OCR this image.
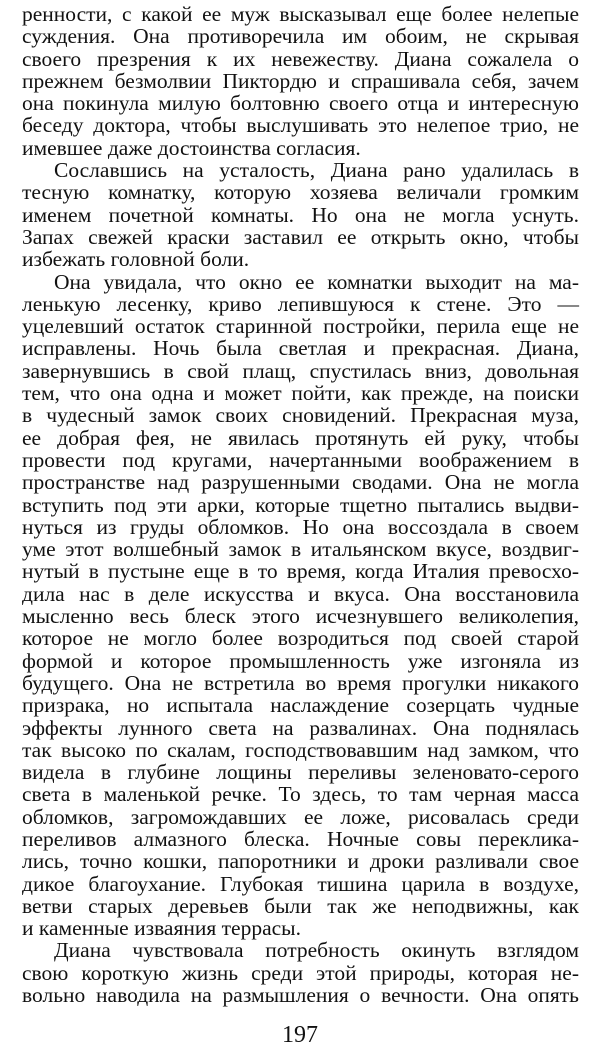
ренности, с какой ее муж высказывал еще более нелепые
суждения. Она противоречила им обоим, не скрывая
своего презрения к их невежеству. Диана сожалела о
прежнем безмолвии Пиктордю и спрашивала себя, зачем
она покинула милую болтовню своего отца и интересную
беседу доктора, чтобы выслушивать это нелепое трио, не
имевшее даже достоинства согласия.
Сославшись на усталость, Диана рано удалилась в
тесную комнатку, которую хозяева величали громким
именем почетной комнаты. Но она не могла уснуть.
Запах свежей краски заставил ее открыть окно, чтобы
избежать головной боли.
Она увидала, что окно ее комнатки выходит на ма-
ленькую лесенку, криво лепившуюся к стене. Это —
уцелевший остаток старинной постройки, перила еще не
исправлены. Ночь была светлая и прекрасная. Диана,
завернувшись в свой плащ, спустилась вниз, довольная
тем, что она одна и может пойти, как прежде, на поиски
в чудесный замок своих сновидений. Прекрасная муза,
ее добрая фея, не явилась протянуть ей руку, чтобы
провести под кругами, начертанными воображением в
пространстве над разрушенными сводами. Она не могла
вступить под эти арки, которые тщетно пытались выдви-
нуться из груды обломков. Но она воссоздала в своем
уме этот волшебный замок в итальянском вкусе, воздвиг-
нутый в пустыне еще в то время, когда Италия превосхо-
дила нас в деле искусства и вкуса. Она восстановила
мысленно весь блеск этого исчезнувшего великолепия,
которое не могло более возродиться под своей старой
формой и которое промышленность уже изгоняла из
будущего. Она не встретила во время прогулки никакого
призрака, но испытала наслаждение созерцать чудные
эффекты лунного света на развалинах. Она поднялась
так высоко по скалам, господствовавшим над замком, что
видела в глубине лощины переливы зеленовато-серого
света в маленькой речке. То здесь, то там черная масса
обломков, загромождавших ее ложе, рисовалась среди
переливов алмазного блеска. Ночные совы переклика-
лись, точно кошки, папоротники и дроки разливали свое
дикое благоухание. Глубокая тишина царила в воздухе,
ветви старых деревьев были так же неподвижны, как
и каменные изваяния террасы.
Диана чувствовала потребность окинуть взглядом
свою короткую жизнь среди этой природы, которая не-
вольно наводила на размышления о вечности. Она опять
197
